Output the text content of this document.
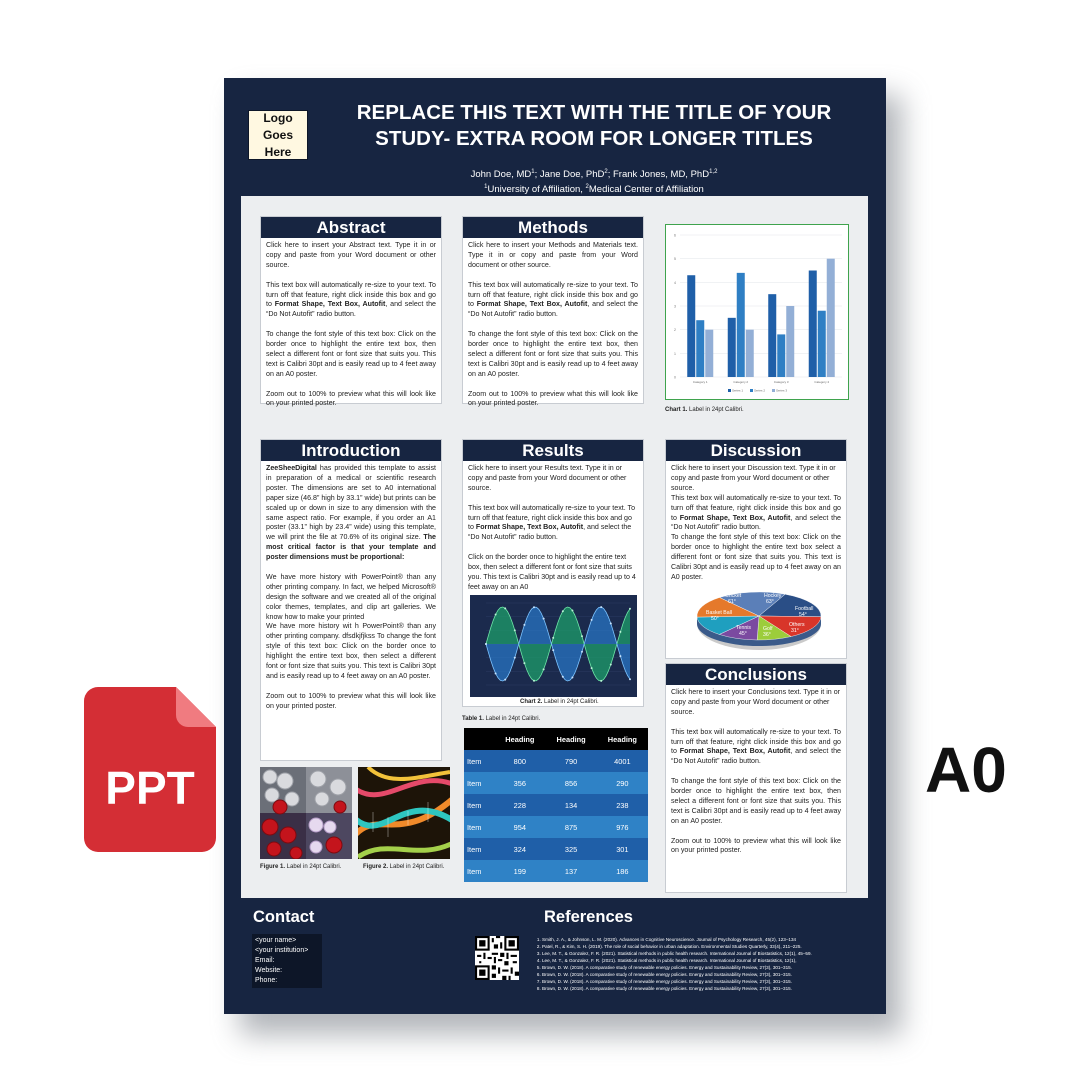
Logo Goes Here
REPLACE THIS TEXT WITH THE TITLE OF YOUR STUDY- EXTRA ROOM FOR LONGER TITLES
John Doe, $MD^1$; Jane Doe, PhD$^2$; Frank Jones, MD, PhD$^{1,2}$
$^1$University of Affiliation, $^2$Medical Center of Affiliation
Abstract

Click here to insert your Abstract text. Type it in or copy and paste from your Word document or other source.

This text box will automatically re-size to your text. To turn off that feature, right click inside this box and go to Format Shape, Text Box, Autofit, and select the “Do Not Autofit” radio button.

To change the font style of this text box: Click on the border once to highlight the entire text box, then select a different font or font size that suits you. This text is Calibri 30pt and is easily read up to 4 feet away on an A0 poster.

Zoom out to 100% to preview what this will look like on your printed poster.

Methods

Click here to insert your Methods and Materials text. Type it in or copy and paste from your Word document or other source.

This text box will automatically re-size to your text. To turn off that feature, right click inside this box and go to Format Shape, Text Box, Autofit, and select the “Do Not Autofit” radio button.

To change the font style of this text box: Click on the border once to highlight the entire text box, then select a different font or font size that suits you. This text is Calibri 30pt and is easily read up to 4 feet away on an A0 poster.

Zoom out to 100% to preview what this will look like on your printed poster.

0
1
2
3
4
5
6
Category 1	Category 2	Category 3	Category 4
Series 1	Series 2	Series 3
Chart 1. Label in 24pt Calibri.
Introduction

ZeeSheeDigital has provided this template to assist in preparation of a medical or scientific research poster. The dimensions are set to A0 international paper size (46.8” high by 33.1” wide) but prints can be scaled up or down in size to any dimension with the same aspect ratio. For example, if you order an A1 poster (33.1” high by 23.4” wide) using this template, we will print the file at 70.6% of its original size. The most critical factor is that your template and poster dimensions must be proportional:

We have more history with PowerPoint® than any other printing company. In fact, we helped Microsoft® design the software and we created all of the original color themes, templates, and clip art galleries. We know how to make your printed

We have more history wit h PowerPoint® than any other printing company. dfsdkjfjkss To change the font style of this text box: Click on the border once to highlight the entire text box, then select a different font or font size that suits you. This text is Calibri 30pt and is easily read up to 4 feet away on an A0 poster.

Zoom out to 100% to preview what this will look like on your printed poster.

Results

Click here to insert your Results text. Type it in or copy and paste from your Word document or other source.

This text box will automatically re-size to your text. To turn off that feature, right click inside this box and go to Format Shape, Text Box, Autofit, and select the “Do Not Autofit” radio button.

Click on the border once to highlight the entire text box, then select a different font or font size that suits you. This text is Calibri 30pt and is easily read up to 4 feet away on an A0

Chart 2. Label in 24pt Calibri.
Table 1. Label in 24pt Calibri.
	Heading	Heading	Heading
Item	800	790	4001
Item	356	856	290
Item	228	134	238
Item	954	875	976
Item	324	325	301
Item	199	137	186
Figure 1. Label in 24pt Calibri.	Figure 2. Label in 24pt Calibri.
Discussion

Click here to insert your Discussion text. Type it in or copy and paste from your Word document or other source.

This text box will automatically re-size to your text. To turn off that feature, right click inside this box and go to Format Shape, Text Box, Autofit, and select the “Do Not Autofit” radio button.

To change the font style of this text box: Click on the border once to highlight the entire text box select a different font or font size that suits you. This text is Calibri 30pt and is easily read up to 4 feet away on an A0 poster.

Cricket 61°
Hockey 63°
Football 54°
Others 31°
Golf 36°
Tennis 45°
Basket Ball 50°
Conclusions

Click here to insert your Conclusions text. Type it in or copy and paste from your Word document or other source.

This text box will automatically re-size to your text. To turn off that feature, right click inside this box and go to Format Shape, Text Box, Autofit, and select the “Do Not Autofit” radio button.

To change the font style of this text box: Click on the border once to highlight the entire text box, then select a different font or font size that suits you. This text is Calibri 30pt and is easily read up to 4 feet away on an A0 poster.

Zoom out to 100% to preview what this will look like on your printed poster.

Contact
<your name>
<your institution>
Email:
Website:
Phone:
References
1. Smith, J. A., & Johnson, L. M. (2020). Advances in Cognitive Neuroscience. Journal of Psychology Research, 45(2), 123–134
2. Patel, R., & Kim, S. H. (2019). The role of social behavior in urban adaptation. Environmental Studies Quarterly, 33(4), 211–225.
3. Lee, M. T., & Gonzalez, F. R. (2021). Statistical methods in public health research. International Journal of Biostatistics, 12(1), 45–59.
4. Lee, M. T., & Gonzalez, F. R. (2021). Statistical methods in public health research. International Journal of Biostatistics, 12(1),
5. Brown, D. W. (2018). A comparative study of renewable energy policies. Energy and Sustainability Review, 27(3), 301–315.
6. Brown, D. W. (2018). A comparative study of renewable energy policies. Energy and Sustainability Review, 27(3), 301–315.
7. Brown, D. W. (2018). A comparative study of renewable energy policies. Energy and Sustainability Review, 27(3), 301–315.
8. Brown, D. W. (2018). A comparative study of renewable energy policies. Energy and Sustainability Review, 27(3), 301–315.
PPT	A0
